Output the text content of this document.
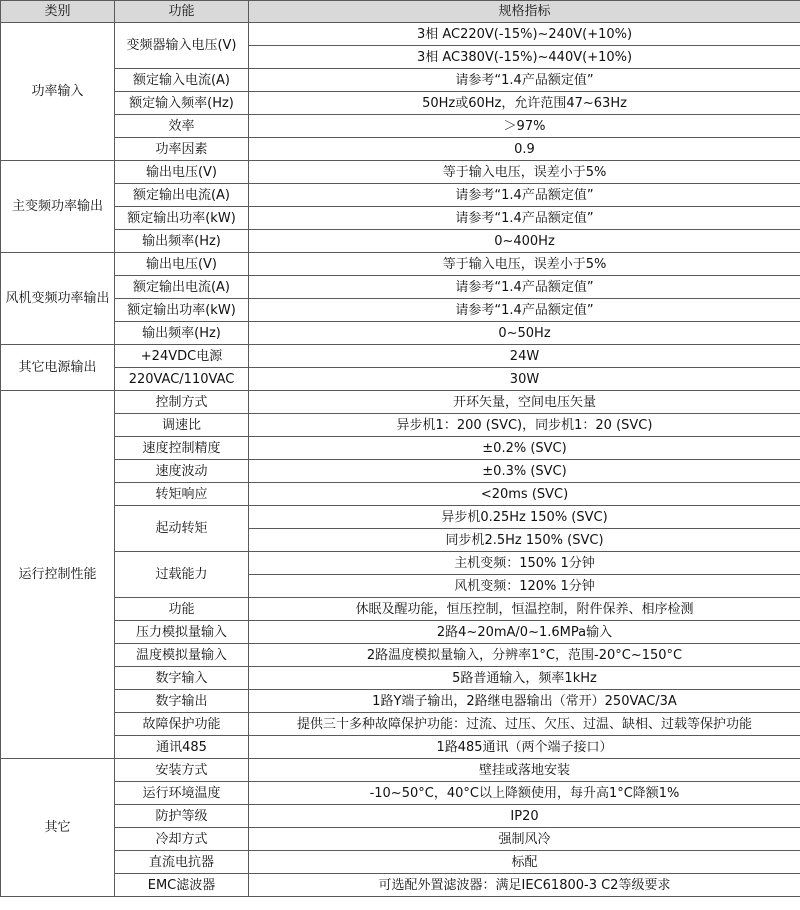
类别	功能	规格指标
功率输入	变频器输入电压(V)	3相 AC220V(-15%)~240V(+10%)
		3相 AC380V(-15%)~440V(+10%)
	额定输入电流(A)	请参考“1.4产品额定值”
	额定输入频率(Hz)	50Hz或60Hz，允许范围47~63Hz
	效率	＞97%
	功率因素	0.9
主变频功率输出	输出电压(V)	等于输入电压，误差小于5%
	额定输出电流(A)	请参考“1.4产品额定值”
	额定输出功率(kW)	请参考“1.4产品额定值”
	输出频率(Hz)	0~400Hz
风机变频功率输出	输出电压(V)	等于输入电压，误差小于5%
	额定输出电流(A)	请参考“1.4产品额定值”
	额定输出功率(kW)	请参考“1.4产品额定值”
	输出频率(Hz)	0~50Hz
其它电源输出	+24VDC电源	24W
	220VAC/110VAC	30W
运行控制性能	控制方式	开环矢量，空间电压矢量
	调速比	异步机1：200 (SVC)，同步机1：20 (SVC)
	速度控制精度	±0.2% (SVC)
	速度波动	±0.3% (SVC)
	转矩响应	<20ms (SVC)
	起动转矩	异步机0.25Hz 150% (SVC)
		同步机2.5Hz 150% (SVC)
	过载能力	主机变频：150% 1分钟
		风机变频：120% 1分钟
	功能	休眠及醒功能，恒压控制，恒温控制，附件保养、相序检测
	压力模拟量输入	2路4~20mA/0~1.6MPa输入
	温度模拟量输入	2路温度模拟量输入，分辨率1°C，范围-20°C~150°C
	数字输入	5路普通输入，频率1kHz
	数字输出	1路Y端子输出，2路继电器输出（常开）250VAC/3A
	故障保护功能	提供三十多种故障保护功能：过流、过压、欠压、过温、缺相、过载等保护功能
	通讯485	1路485通讯（两个端子接口）
其它	安装方式	壁挂或落地安装
	运行环境温度	-10~50°C，40°C以上降额使用，每升高1°C降额1%
	防护等级	IP20
	冷却方式	强制风冷
	直流电抗器	标配
	EMC滤波器	可选配外置滤波器：满足IEC61800-3 C2等级要求
